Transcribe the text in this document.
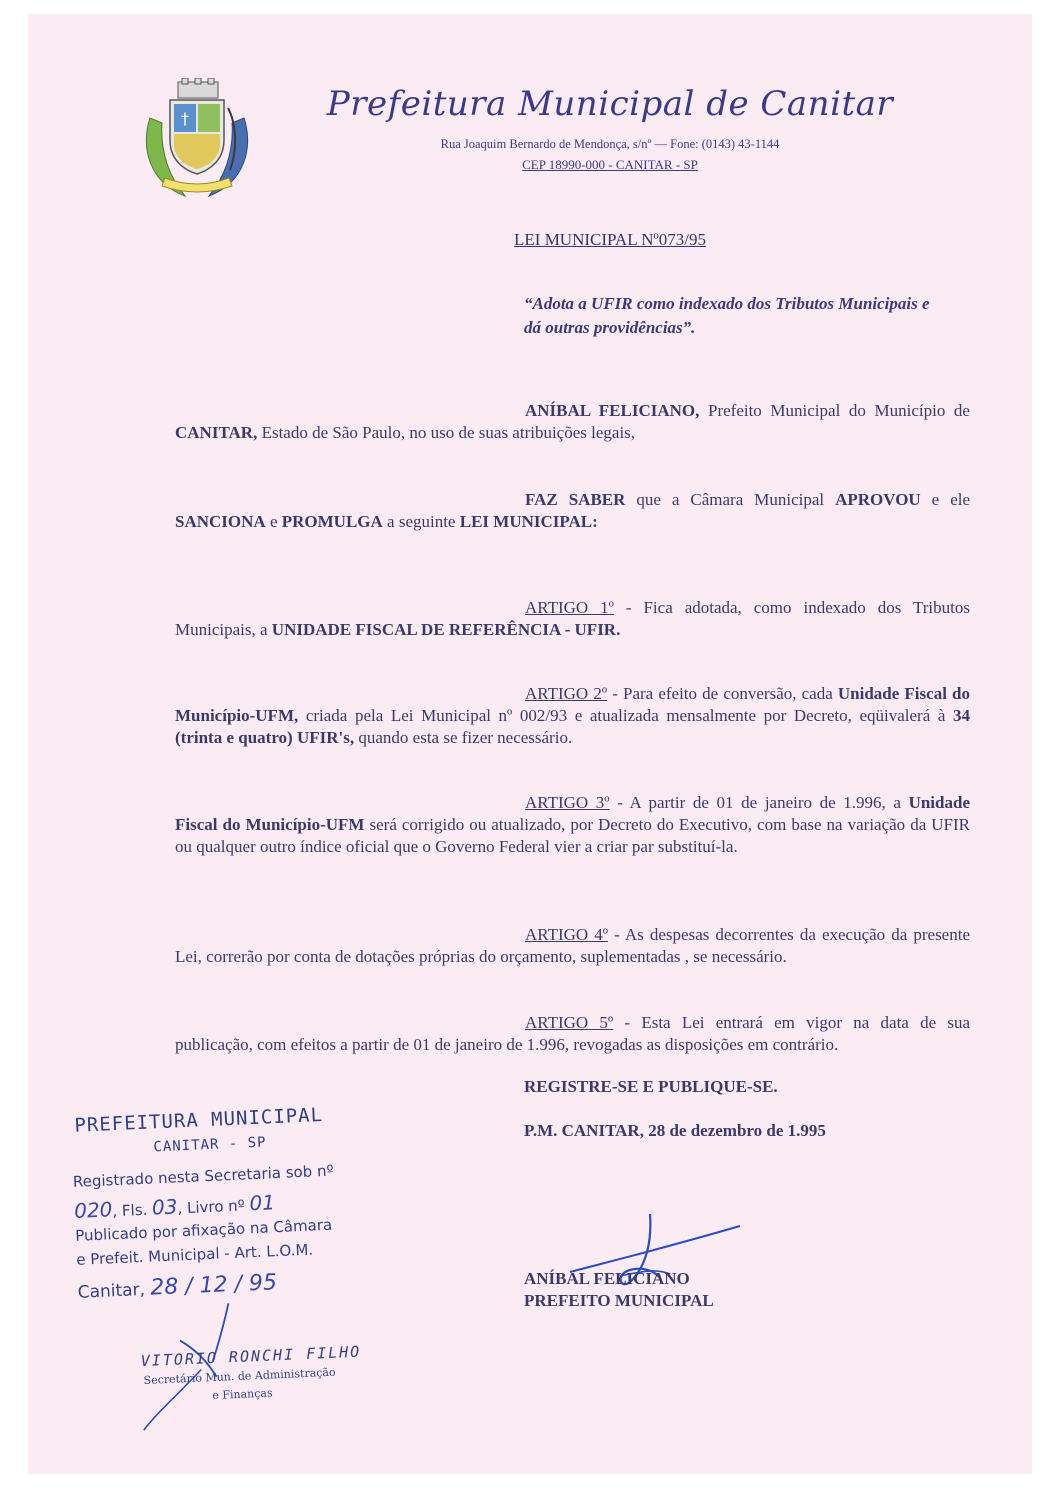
†	Prefeitura Municipal de Canitar
Rua Joaquim Bernardo de Mendonça, s/nº — Fone: (0143) 43-1144
CEP 18990-000 - CANITAR - SP
LEI MUNICIPAL Nº073/95
“Adota a UFIR como indexado dos Tributos Municipais e dá outras providências”.
ANÍBAL FELICIANO, Prefeito Municipal do Município de CANITAR, Estado de São Paulo, no uso de suas atribuições legais,
FAZ SABER que a Câmara Municipal APROVOU e ele SANCIONA e PROMULGA a seguinte LEI MUNICIPAL:
ARTIGO 1º - Fica adotada, como indexado dos Tributos Municipais, a UNIDADE FISCAL DE REFERÊNCIA - UFIR.
ARTIGO 2º - Para efeito de conversão, cada Unidade Fiscal do Município-UFM, criada pela Lei Municipal nº 002/93 e atualizada mensalmente por Decreto, eqüivalerá à 34 (trinta e quatro) UFIR's, quando esta se fizer necessário.
ARTIGO 3º - A partir de 01 de janeiro de 1.996, a Unidade Fiscal do Município-UFM será corrigido ou atualizado, por Decreto do Executivo, com base na variação da UFIR ou qualquer outro índice oficial que o Governo Federal vier a criar par substituí-la.
ARTIGO 4º - As despesas decorrentes da execução da presente Lei, correrão por conta de dotações próprias do orçamento, suplementadas , se necessário.
ARTIGO 5º - Esta Lei entrará em vigor na data de sua publicação, com efeitos a partir de 01 de janeiro de 1.996, revogadas as disposições em contrário.
REGISTRE-SE E PUBLIQUE-SE.
P.M. CANITAR, 28 de dezembro de 1.995
ANÍBAL FELICIANO
PREFEITO MUNICIPAL
PREFEITURA MUNICIPAL
CANITAR - SP
Registrado nesta Secretaria sob nº
020, Fls. 03, Livro nº 01
Publicado por afixação na Câmara
e Prefeit. Municipal - Art. L.O.M.
Canitar, 28 / 12 / 95
VITORIO RONCHI FILHO
Secretário Mun. de Administração
e Finanças
